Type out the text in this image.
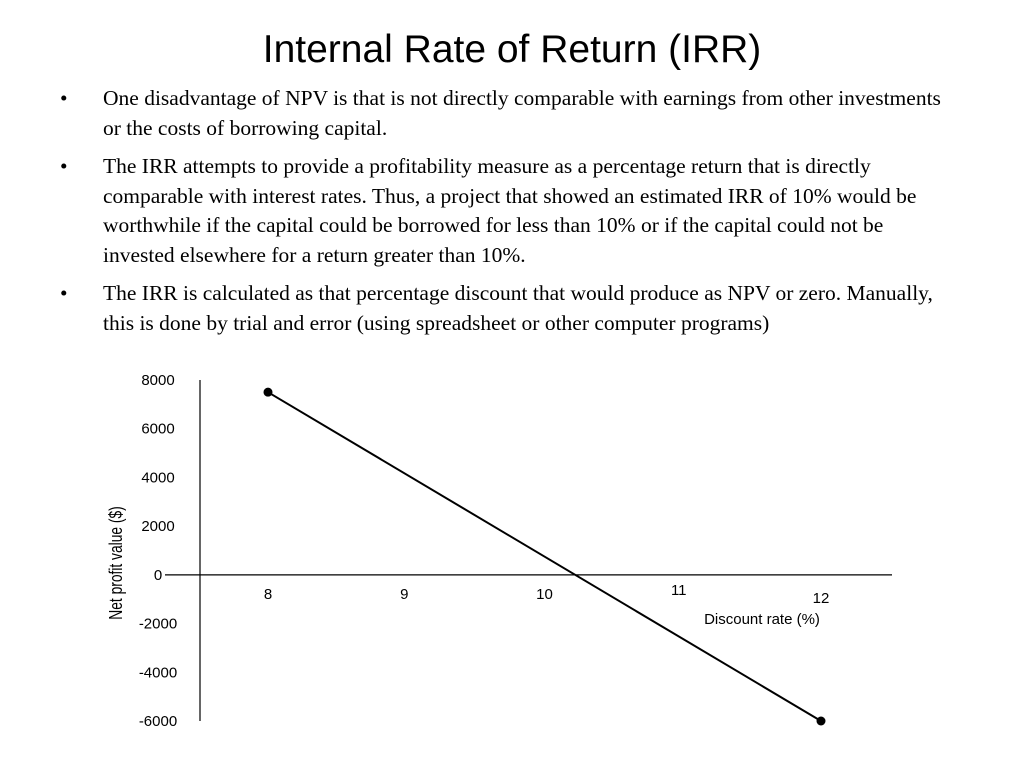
Internal Rate of Return (IRR)
• One disadvantage of NPV is that is not directly comparable with earnings from other investments or the costs of borrowing capital.
• The IRR attempts to provide a profitability measure as a percentage return that is directly comparable with interest rates. Thus, a project that showed an estimated IRR of 10% would be worthwhile if the capital could be borrowed for less than 10% or if the capital could not be invested elsewhere for a return greater than 10%.
• The IRR is calculated as that percentage discount that would produce as NPV or zero. Manually, this is done by trial and error (using spreadsheet or other computer programs)
8000
6000
4000
2000
0
-2000
-4000
-6000
8	9	10	11	12
Discount rate (%)
Net profit value ($)
